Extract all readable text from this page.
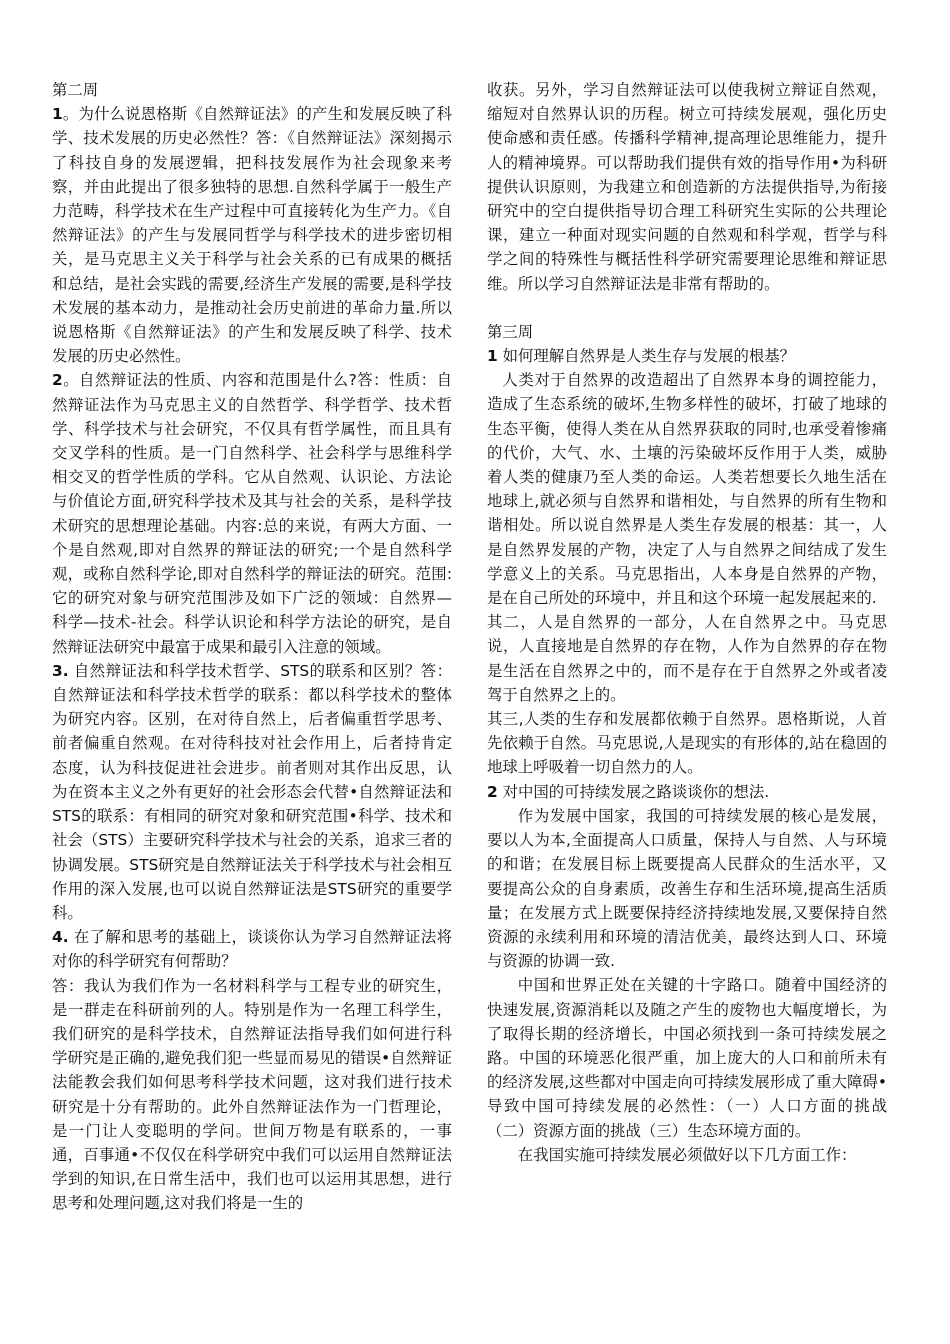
第二周

1。为什么说恩格斯《自然辩证法》的产生和发展反映了科学、技术发展的历史必然性？答：《自然辩证法》深刻揭示了科技自身的发展逻辑，把科技发展作为社会现象来考察，并由此提出了很多独特的思想.自然科学属于一般生产力范畴，科学技术在生产过程中可直接转化为生产力。《自然辩证法》的产生与发展同哲学与科学技术的进步密切相关，是马克思主义关于科学与社会关系的已有成果的概括和总结，是社会实践的需要,经济生产发展的需要,是科学技术发展的基本动力，是推动社会历史前进的革命力量.所以说恩格斯《自然辩证法》的产生和发展反映了科学、技术发展的历史必然性。

2。自然辩证法的性质、内容和范围是什么?答：性质：自然辩证法作为马克思主义的自然哲学、科学哲学、技术哲学、科学技术与社会研究，不仅具有哲学属性，而且具有交叉学科的性质。是一门自然科学、社会科学与思维科学相交叉的哲学性质的学科。它从自然观、认识论、方法论与价值论方面,研究科学技术及其与社会的关系，是科学技术研究的思想理论基础。内容:总的来说，有两大方面、一个是自然观,即对自然界的辩证法的研究;一个是自然科学观，或称自然科学论,即对自然科学的辩证法的研究。范围:它的研究对象与研究范围涉及如下广泛的领域：自然界—科学—技术-社会。科学认识论和科学方法论的研究，是自然辩证法研究中最富于成果和最引入注意的领域。

3. 自然辩证法和科学技术哲学、STS的联系和区别？答：自然辩证法和科学技术哲学的联系：都以科学技术的整体为研究内容。区别，在对待自然上，后者偏重哲学思考、前者偏重自然观。在对待科技对社会作用上，后者持肯定态度，认为科技促进社会进步。前者则对其作出反思，认为在资本主义之外有更好的社会形态会代替•自然辩证法和STS的联系：有相同的研究对象和研究范围•科学、技术和社会（STS）主要研究科学技术与社会的关系，追求三者的协调发展。STS研究是自然辩证法关于科学技术与社会相互作用的深入发展,也可以说自然辩证法是STS研究的重要学科。

4. 在了解和思考的基础上，谈谈你认为学习自然辩证法将对你的科学研究有何帮助？

答：我认为我们作为一名材料科学与工程专业的研究生，是一群走在科研前列的人。特别是作为一名理工科学生，我们研究的是科学技术，自然辩证法指导我们如何进行科学研究是正确的,避免我们犯一些显而易见的错误•自然辩证法能教会我们如何思考科学技术问题，这对我们进行技术研究是十分有帮助的。此外自然辩证法作为一门哲理论，是一门让人变聪明的学问。世间万物是有联系的，一事通，百事通•不仅仅在科学研究中我们可以运用自然辩证法学到的知识,在日常生活中，我们也可以运用其思想，进行思考和处理问题,这对我们将是一生的

收获。另外，学习自然辩证法可以使我树立辩证自然观，缩短对自然界认识的历程。树立可持续发展观，强化历史使命感和责任感。传播科学精神,提高理论思维能力，提升人的精神境界。可以帮助我们提供有效的指导作用•为科研提供认识原则，为我建立和创造新的方法提供指导,为衔接研究中的空白提供指导切合理工科研究生实际的公共理论课，建立一种面对现实问题的自然观和科学观，哲学与科学之间的特殊性与概括性科学研究需要理论思维和辩证思维。所以学习自然辩证法是非常有帮助的。

第三周

1 如何理解自然界是人类生存与发展的根基？

人类对于自然界的改造超出了自然界本身的调控能力，造成了生态系统的破坏,生物多样性的破坏，打破了地球的生态平衡，使得人类在从自然界获取的同时,也承受着惨痛的代价，大气、水、土壤的污染破坏反作用于人类，威胁着人类的健康乃至人类的命运。人类若想要长久地生活在地球上,就必须与自然界和谐相处，与自然界的所有生物和谐相处。所以说自然界是人类生存发展的根基：其一，人是自然界发展的产物，决定了人与自然界之间结成了发生学意义上的关系。马克思指出，人本身是自然界的产物，是在自己所处的环境中，并且和这个环境一起发展起来的.

其二，人是自然界的一部分，人在自然界之中。马克思说，人直接地是自然界的存在物，人作为自然界的存在物是生活在自然界之中的，而不是存在于自然界之外或者凌驾于自然界之上的。

其三,人类的生存和发展都依赖于自然界。恩格斯说，人首先依赖于自然。马克思说,人是现实的有形体的,站在稳固的地球上呼吸着一切自然力的人。

2 对中国的可持续发展之路谈谈你的想法.

作为发展中国家，我国的可持续发展的核心是发展，要以人为本,全面提高人口质量，保持人与自然、人与环境的和谐；在发展目标上既要提高人民群众的生活水平，又要提高公众的自身素质，改善生存和生活环境,提高生活质量；在发展方式上既要保持经济持续地发展,又要保持自然资源的永续利用和环境的清洁优美，最终达到人口、环境与资源的协调一致.

中国和世界正处在关键的十字路口。随着中国经济的快速发展,资源消耗以及随之产生的废物也大幅度增长，为了取得长期的经济增长，中国必须找到一条可持续发展之路。中国的环境恶化很严重，加上庞大的人口和前所未有的经济发展,这些都对中国走向可持续发展形成了重大障碍•导致中国可持续发展的必然性：（一）人口方面的挑战（二）资源方面的挑战（三）生态环境方面的。

在我国实施可持续发展必须做好以下几方面工作：
